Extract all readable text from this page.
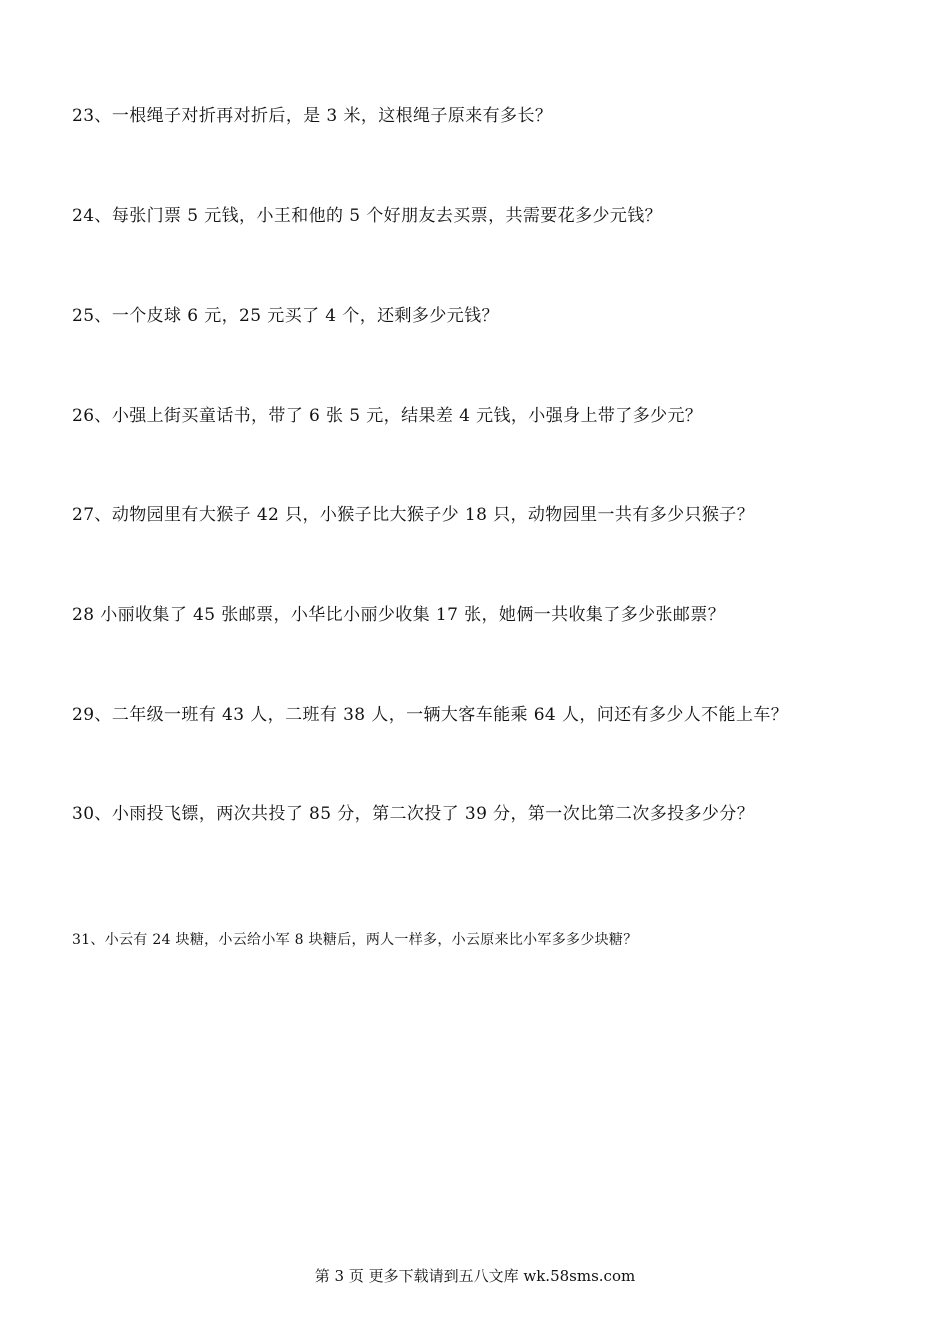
23、一根绳子对折再对折后，是 3 米，这根绳子原来有多长？
24、每张门票 5 元钱，小王和他的 5 个好朋友去买票，共需要花多少元钱？
25、一个皮球 6 元，25 元买了 4 个，还剩多少元钱？
26、小强上街买童话书，带了 6 张 5 元，结果差 4 元钱，小强身上带了多少元？
27、动物园里有大猴子 42 只，小猴子比大猴子少 18 只，动物园里一共有多少只猴子？
28 小丽收集了 45 张邮票，小华比小丽少收集 17 张，她俩一共收集了多少张邮票？
29、二年级一班有 43 人，二班有 38 人，一辆大客车能乘 64 人，问还有多少人不能上车？
30、小雨投飞镖，两次共投了 85 分，第二次投了 39 分，第一次比第二次多投多少分？
31、小云有 24 块糖，小云给小军 8 块糖后，两人一样多，小云原来比小军多多少块糖？
第 3 页 更多下载请到五八文库 wk.58sms.com
